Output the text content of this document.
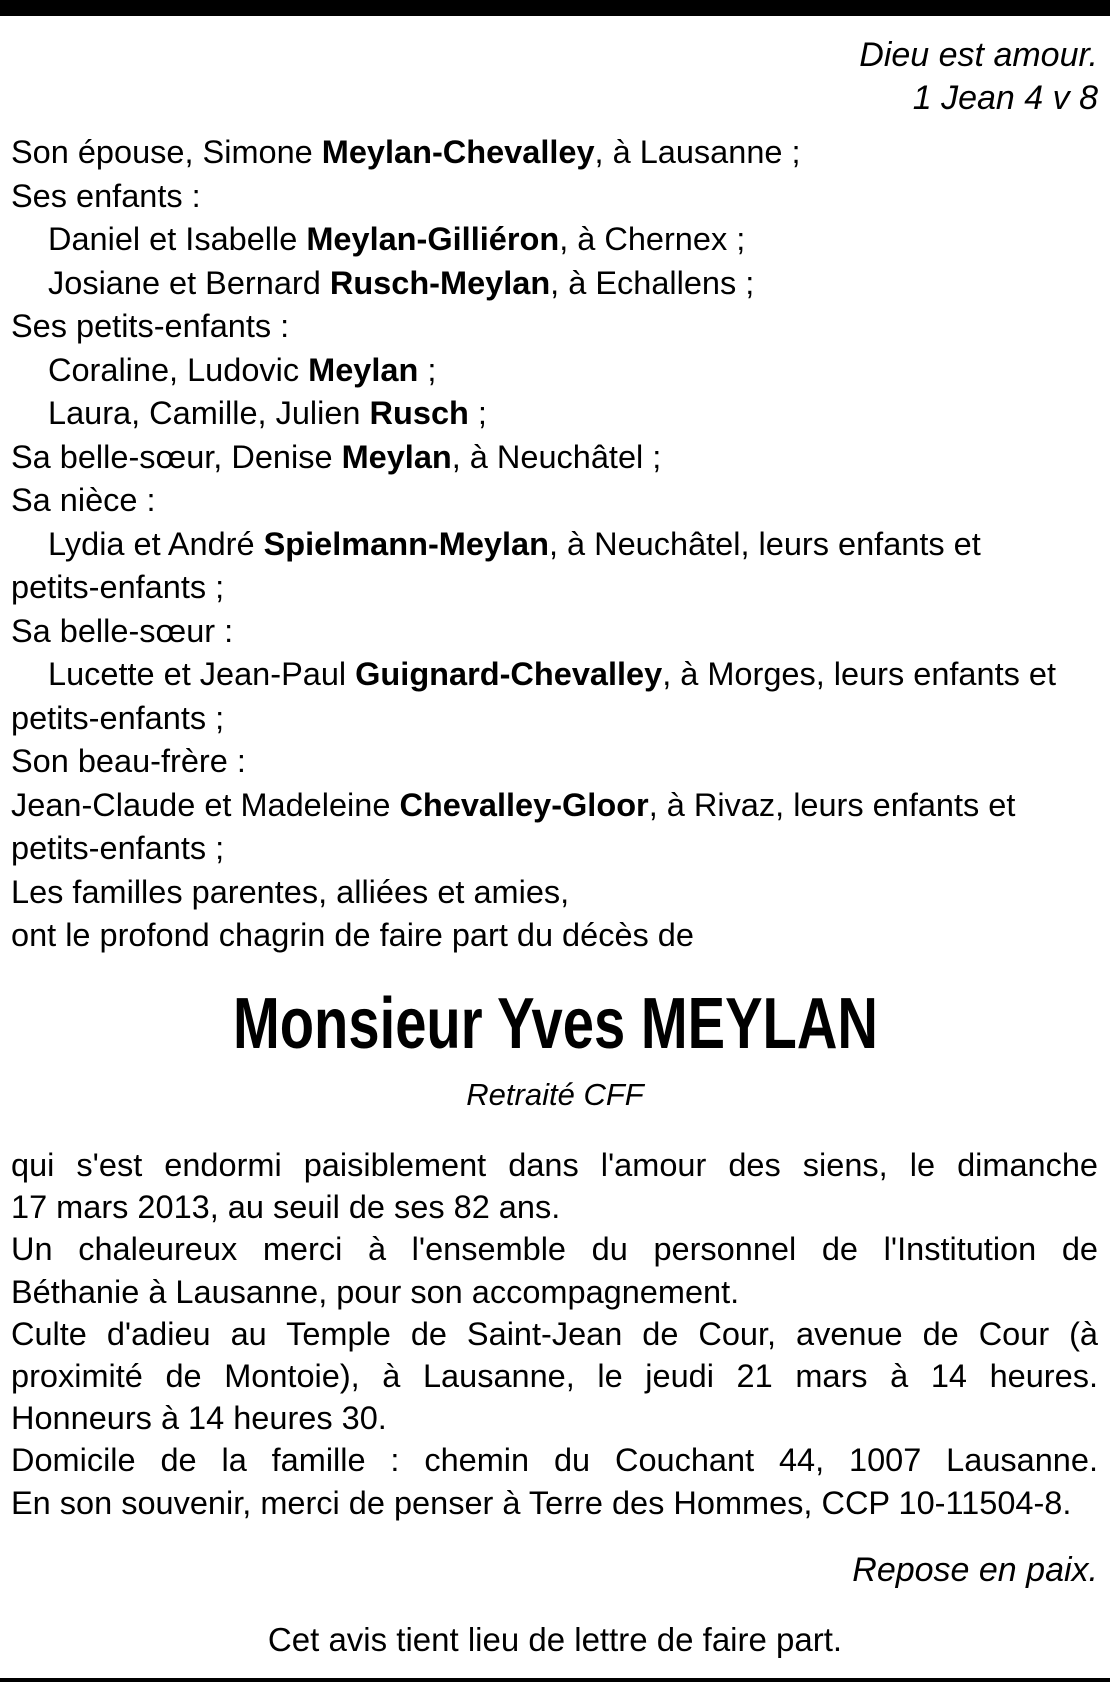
Dieu est amour.
1 Jean 4 v 8
Son épouse, Simone Meylan-Chevalley, à Lausanne ;
Ses enfants :
Daniel et Isabelle Meylan-Gilliéron, à Chernex ;
Josiane et Bernard Rusch-Meylan, à Echallens ;
Ses petits-enfants :
Coraline, Ludovic Meylan ;
Laura, Camille, Julien Rusch ;
Sa belle-sœur, Denise Meylan, à Neuchâtel ;
Sa nièce :
Lydia et André Spielmann-Meylan, à Neuchâtel, leurs enfants et
petits-enfants ;
Sa belle-sœur :
Lucette et Jean-Paul Guignard-Chevalley, à Morges, leurs enfants et
petits-enfants ;
Son beau-frère :
Jean-Claude et Madeleine Chevalley-Gloor, à Rivaz, leurs enfants et
petits-enfants ;
Les familles parentes, alliées et amies,
ont le profond chagrin de faire part du décès de
Monsieur Yves MEYLAN
Retraité CFF
qui s'est endormi paisiblement dans l'amour des siens, le dimanche
17 mars 2013, au seuil de ses 82 ans.
Un chaleureux merci à l'ensemble du personnel de l'Institution de
Béthanie à Lausanne, pour son accompagnement.
Culte d'adieu au Temple de Saint-Jean de Cour, avenue de Cour (à
proximité de Montoie), à Lausanne, le jeudi 21 mars à 14 heures.
Honneurs à 14 heures 30.
Domicile de la famille : chemin du Couchant 44, 1007 Lausanne.
En son souvenir, merci de penser à Terre des Hommes, CCP 10-11504-8.
Repose en paix.
Cet avis tient lieu de lettre de faire part.
